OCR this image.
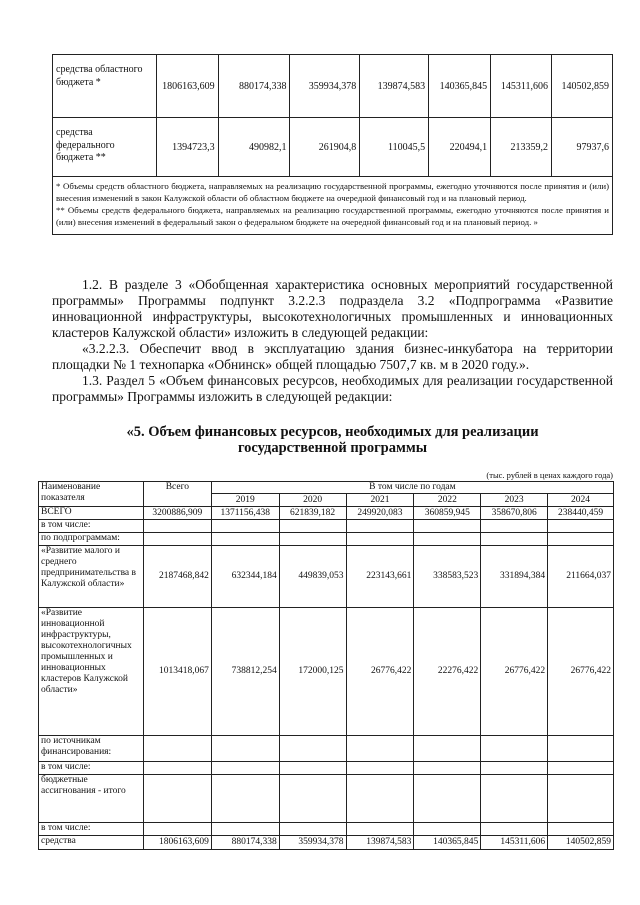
средства областного бюджета *	1806163,609	880174,338	359934,378	139874,583	140365,845	145311,606	140502,859
средства федерального бюджета **	1394723,3	490982,1	261904,8	110045,5	220494,1	213359,2	97937,6

* Объемы средств областного бюджета, направляемых на реализацию государственной программы, ежегодно уточняются после принятия и (или) внесения изменений в закон Калужской области об областном бюджете на очередной финансовый год и на плановый период.

** Объемы средств федерального бюджета, направляемых на реализацию государственной программы, ежегодно уточняются после принятия и (или) внесения изменений в федеральный закон о федеральном бюджете на очередной финансовый год и на плановый период. »							

1.2. В разделе 3 «Обобщенная характеристика основных мероприятий государственной программы» Программы подпункт 3.2.2.3 подраздела 3.2 «Подпрограмма «Развитие инновационной инфраструктуры, высокотехнологичных промышленных и инновационных кластеров Калужской области» изложить в следующей редакции:

«3.2.2.3. Обеспечит ввод в эксплуатацию здания бизнес-инкубатора на территории площадки № 1 технопарка «Обнинск» общей площадью 7507,7 кв. м в 2020 году.».

1.3. Раздел 5 «Объем финансовых ресурсов, необходимых для реализации государственной программы» Программы изложить в следующей редакции:

«5. Объем финансовых ресурсов, необходимых для реализации
государственной программы

(тыс. рублей в ценах каждого года)

Наименование показателя	Всего	В том числе по годам					
		2019	2020	2021	2022	2023	2024
ВСЕГО	3200886,909	1371156,438	621839,182	249920,083	360859,945	358670,806	238440,459
в том числе:							
по подпрограммам:							
«Развитие малого и среднего предпринимательства в Калужской области»	2187468,842	632344,184	449839,053	223143,661	338583,523	331894,384	211664,037
«Развитие инновационной инфраструктуры, высокотехнологичных промышленных и инновационных кластеров Калужской области»	1013418,067	738812,254	172000,125	26776,422	22276,422	26776,422	26776,422
по источникам финансирования:							
в том числе:							
бюджетные ассигнования - итого							
в том числе:							
средства	1806163,609	880174,338	359934,378	139874,583	140365,845	145311,606	140502,859
